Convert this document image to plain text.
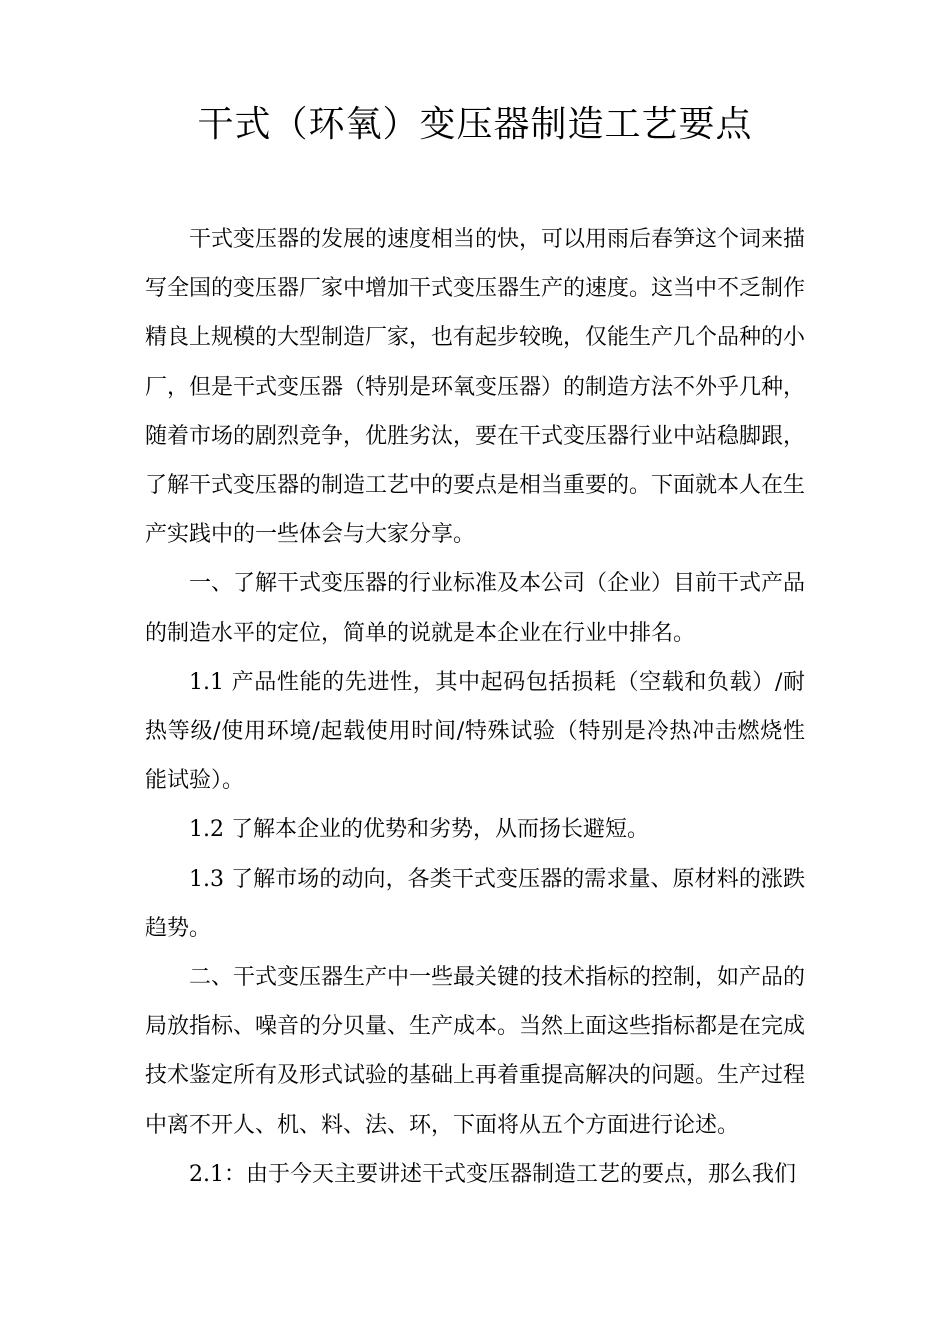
干式（环氧）变压器制造工艺要点

干式变压器的发展的速度相当的快，可以用雨后春笋这个词来描写全国的变压器厂家中增加干式变压器生产的速度。这当中不乏制作精良上规模的大型制造厂家，也有起步较晚，仅能生产几个品种的小厂，但是干式变压器（特别是环氧变压器）的制造方法不外乎几种，随着市场的剧烈竞争，优胜劣汰，要在干式变压器行业中站稳脚跟，了解干式变压器的制造工艺中的要点是相当重要的。下面就本人在生产实践中的一些体会与大家分享。

一、了解干式变压器的行业标准及本公司（企业）目前干式产品的制造水平的定位，简单的说就是本企业在行业中排名。

1.1 产品性能的先进性，其中起码包括损耗（空载和负载）/耐热等级/使用环境/起载使用时间/特殊试验（特别是冷热冲击燃烧性能试验）。

1.2 了解本企业的优势和劣势，从而扬长避短。

1.3 了解市场的动向，各类干式变压器的需求量、原材料的涨跌趋势。

二、干式变压器生产中一些最关键的技术指标的控制，如产品的局放指标、噪音的分贝量、生产成本。当然上面这些指标都是在完成技术鉴定所有及形式试验的基础上再着重提高解决的问题。生产过程中离不开人、机、料、法、环，下面将从五个方面进行论述。

2.1：由于今天主要讲述干式变压器制造工艺的要点，那么我们
